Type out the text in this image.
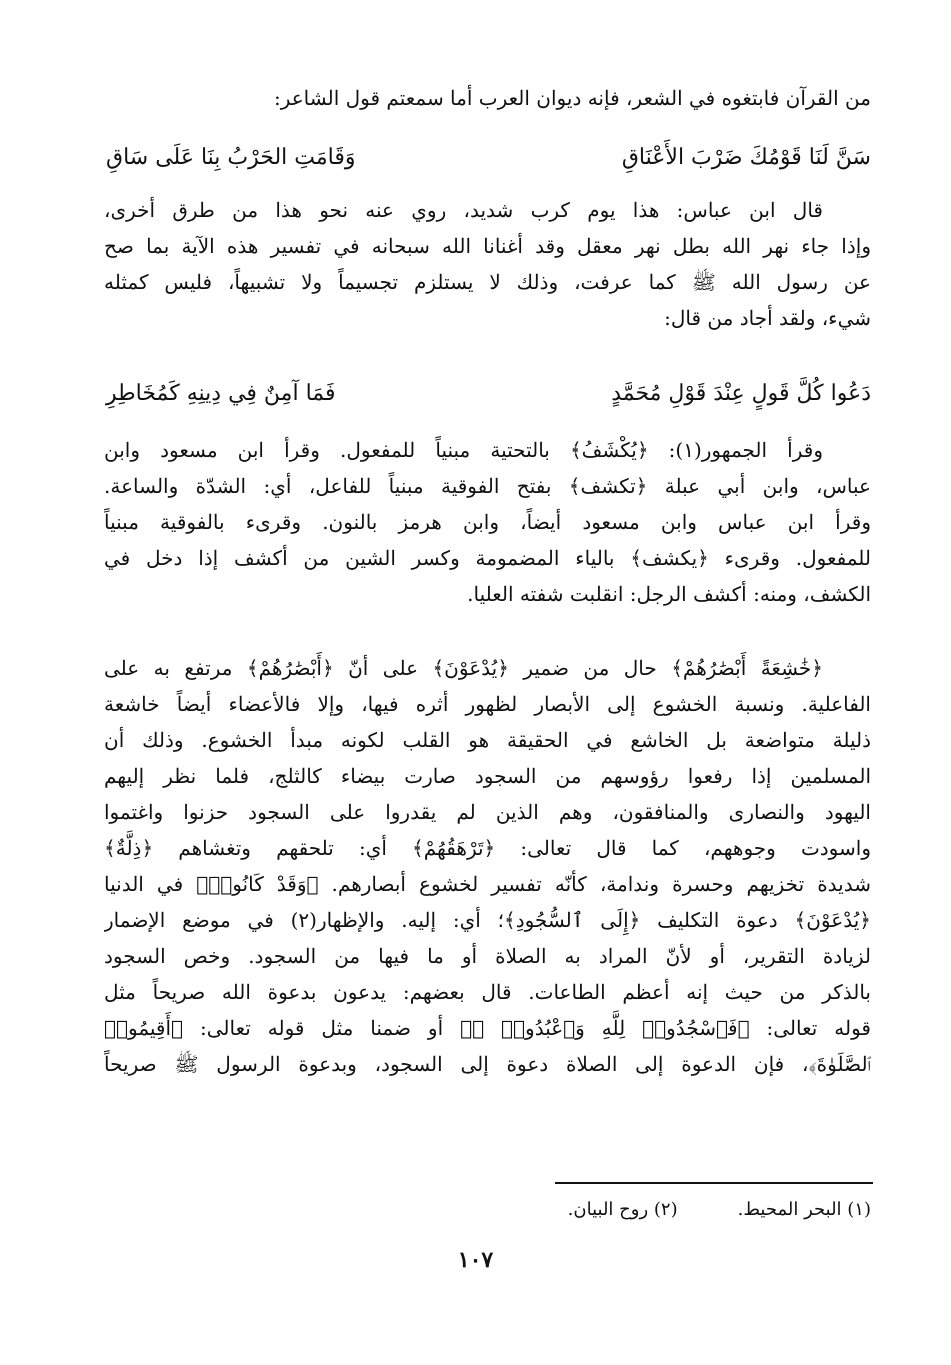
من القرآن فابتغوه في الشعر، فإنه ديوان العرب أما سمعتم قول الشاعر:
سَنَّ لَنَا قَوْمُكَ ضَرْبَ الأَعْنَاقِ
وَقَامَتِ الحَرْبُ بِنَا عَلَى سَاقِ
قال ابن عباس: هذا يوم كرب شديد، روي عنه نحو هذا من طرق أخرى،
وإذا جاء نهر الله بطل نهر معقل وقد أغنانا الله سبحانه في تفسير هذه الآية بما صح
عن رسول الله ﷺ كما عرفت، وذلك لا يستلزم تجسيماً ولا تشبيهاً، فليس كمثله
شيء، ولقد أجاد من قال:
دَعُوا كُلَّ قَولٍ عِنْدَ قَوْلِ مُحَمَّدٍ
فَمَا آمِنٌ فِي دِينِهِ كَمُخَاطِرِ
وقرأ الجمهور(١): ﴿يُكْشَفُ﴾ بالتحتية مبنياً للمفعول. وقرأ ابن مسعود وابن
عباس، وابن أبي عبلة ﴿تكشف﴾ بفتح الفوقية مبنياً للفاعل، أي: الشدّة والساعة.
وقرأ ابن عباس وابن مسعود أيضاً، وابن هرمز بالنون. وقرىء بالفوقية مبنياً
للمفعول. وقرىء ﴿يكشف﴾ بالياء المضمومة وكسر الشين من أكشف إذا دخل في
الكشف، ومنه: أكشف الرجل: انقلبت شفته العليا.
﴿خَٰشِعَةً أَبْصَٰرُهُمْ﴾ حال من ضمير ﴿يُدْعَوْنَ﴾ على أنّ ﴿أَبْصَٰرُهُمْ﴾ مرتفع به على
الفاعلية. ونسبة الخشوع إلى الأبصار لظهور أثره فيها، وإلا فالأعضاء أيضاً خاشعة
ذليلة متواضعة بل الخاشع في الحقيقة هو القلب لكونه مبدأ الخشوع. وذلك أن
المسلمين إذا رفعوا رؤوسهم من السجود صارت بيضاء كالثلج، فلما نظر إليهم
اليهود والنصارى والمنافقون، وهم الذين لم يقدروا على السجود حزنوا واغتموا
واسودت وجوههم، كما قال تعالى: ﴿تَرْهَقُهُمْ﴾ أي: تلحقهم وتغشاهم ﴿ذِلَّةٌ﴾
شديدة تخزيهم وحسرة وندامة، كأنّه تفسير لخشوع أبصارهم. ﴿وَقَدْ كَانُوا۟﴾ في الدنيا
﴿يُدْعَوْنَ﴾ دعوة التكليف ﴿إِلَى ٱلسُّجُودِ﴾؛ أي: إليه. والإظهار(٢) في موضع الإضمار
لزيادة التقرير، أو لأنّ المراد به الصلاة أو ما فيها من السجود. وخص السجود
بالذكر من حيث إنه أعظم الطاعات. قال بعضهم: يدعون بدعوة الله صريحاً مثل
قوله تعالى: ﴿فَٱسْجُدُوا۟ لِلَّهِ وَٱعْبُدُوا۟ ۩﴾ أو ضمنا مثل قوله تعالى: ﴿أَقِيمُوا۟
ٱلصَّلَوٰةَ﴾، فإن الدعوة إلى الصلاة دعوة إلى السجود، وبدعوة الرسول ﷺ صريحاً
(١) البحر المحيط.
(٢) روح البيان.
١٠٧
